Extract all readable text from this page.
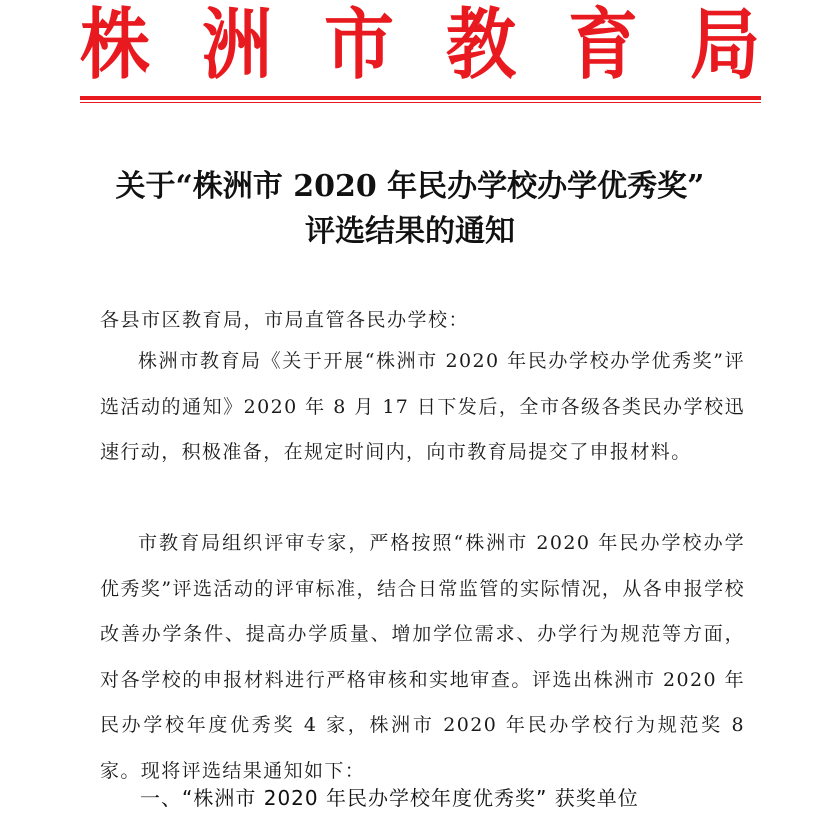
株 洲 市 教 育 局
关于“株洲市 2020 年民办学校办学优秀奖”
评选结果的通知
各县市区教育局，市局直管各民办学校：
株洲市教育局《关于开展“株洲市 2020 年民办学校办学优秀奖”评选活动的通知》2020 年 8 月 17 日下发后，全市各级各类民办学校迅速行动，积极准备，在规定时间内，向市教育局提交了申报材料。
市教育局组织评审专家，严格按照“株洲市 2020 年民办学校办学优秀奖”评选活动的评审标准，结合日常监管的实际情况，从各申报学校改善办学条件、提高办学质量、增加学位需求、办学行为规范等方面，对各学校的申报材料进行严格审核和实地审查。评选出株洲市 2020 年民办学校年度优秀奖 4 家，株洲市 2020 年民办学校行为规范奖 8 家。现将评选结果通知如下：
一、“株洲市 2020 年民办学校年度优秀奖” 获奖单位
